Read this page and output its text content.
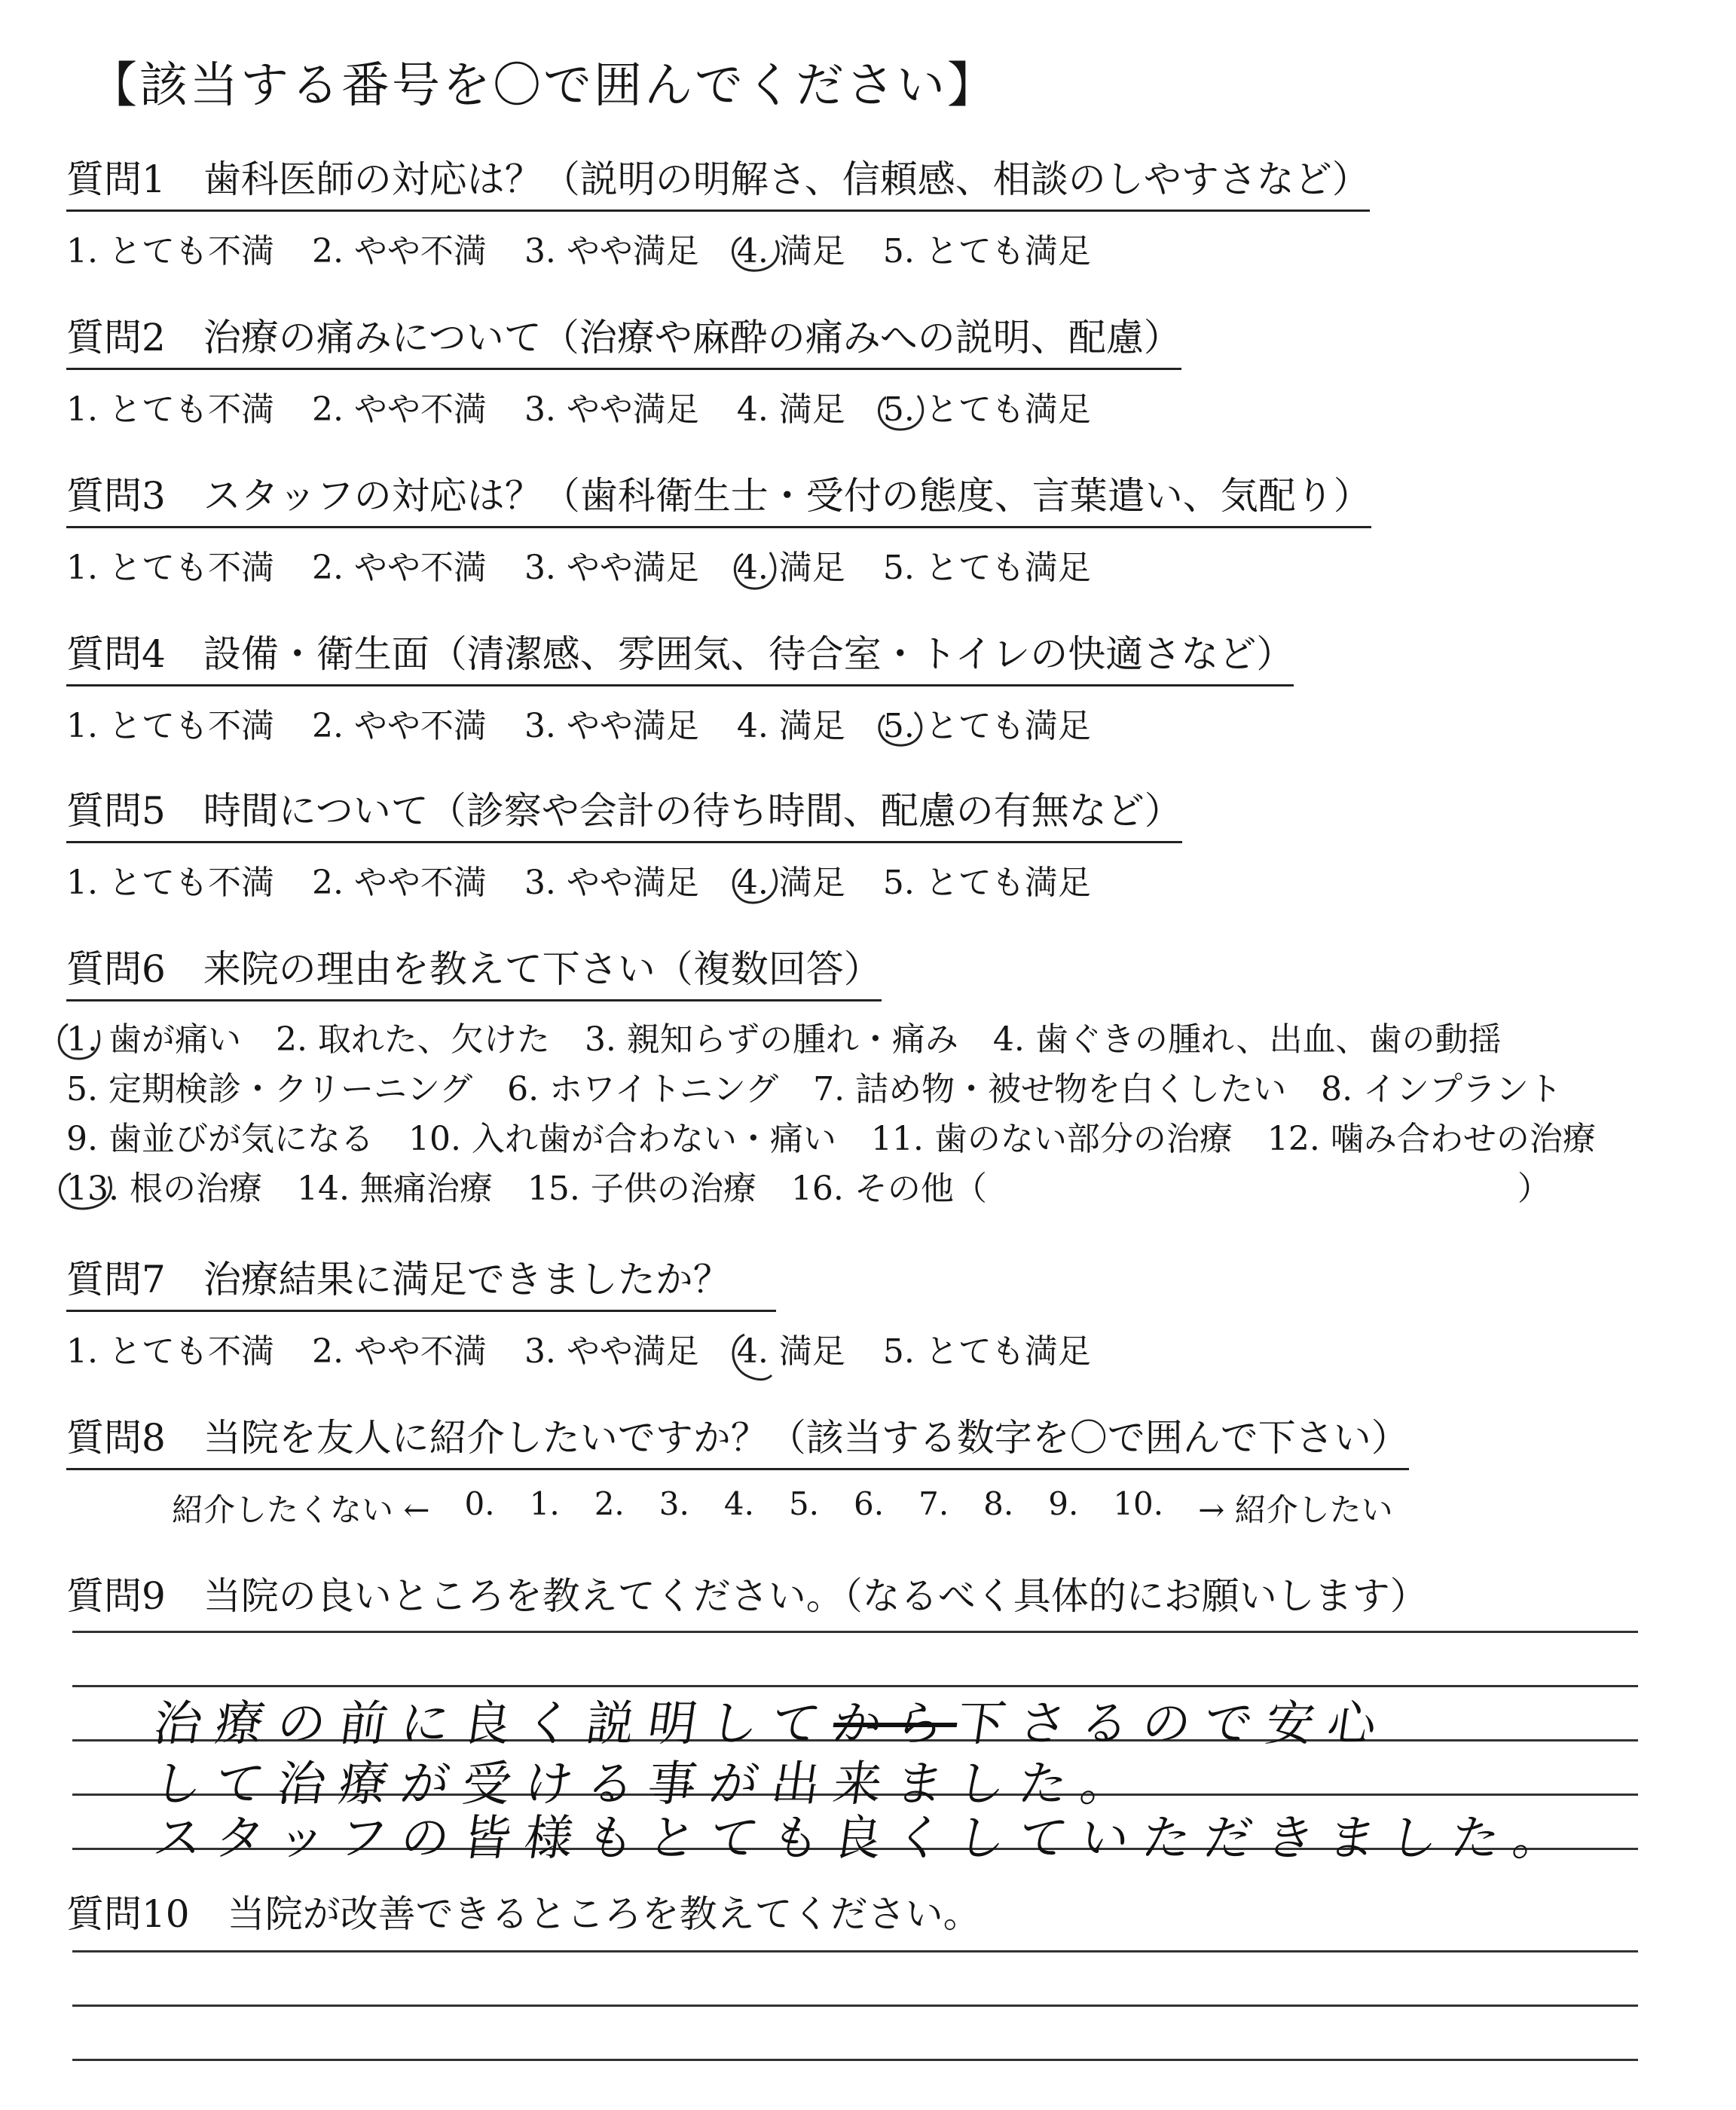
【該当する番号を〇で囲んでください】
質問1　歯科医師の対応は？（説明の明解さ、信頼感、相談のしやすさなど）
1. とても不満 2. やや不満 3. やや満足 4. 満足 5. とても満足
質問2　治療の痛みについて（治療や麻酔の痛みへの説明、配慮）
1. とても不満 2. やや不満 3. やや満足 4. 満足 5. とても満足
質問3　スタッフの対応は？（歯科衛生士・受付の態度、言葉遣い、気配り）
1. とても不満 2. やや不満 3. やや満足 4. 満足 5. とても満足
質問4　設備・衛生面（清潔感、雰囲気、待合室・トイレの快適さなど）
1. とても不満 2. やや不満 3. やや満足 4. 満足 5. とても満足
質問5　時間について（診察や会計の待ち時間、配慮の有無など）
1. とても不満 2. やや不満 3. やや満足 4. 満足 5. とても満足
質問6　来院の理由を教えて下さい（複数回答）
1. 歯が痛い 2. 取れた、欠けた 3. 親知らずの腫れ・痛み 4. 歯ぐきの腫れ、出血、歯の動揺
5. 定期検診・クリーニング 6. ホワイトニング 7. 詰め物・被せ物を白くしたい 8. インプラント
9. 歯並びが気になる 10. 入れ歯が合わない・痛い 11. 歯のない部分の治療 12. 噛み合わせの治療
13. 根の治療 14. 無痛治療 15. 子供の治療 16. その他（　　　　　　　　　　　　　　　　）
質問7　治療結果に満足できましたか？
1. とても不満 2. やや不満 3. やや満足 4. 満足 5. とても満足
質問8　当院を友人に紹介したいですか？（該当する数字を〇で囲んで下さい）
紹介したくない ← 0. 1. 2. 3. 4. 5. 6. 7. 8. 9. 10. → 紹介したい
質問9　当院の良いところを教えてください。（なるべく具体的にお願いします）
治療の前に良く説明してから下さるので安心
して治療が受ける事が出来ました。
スタッフの皆様もとても良くしていただきました。
質問10　当院が改善できるところを教えてください。
